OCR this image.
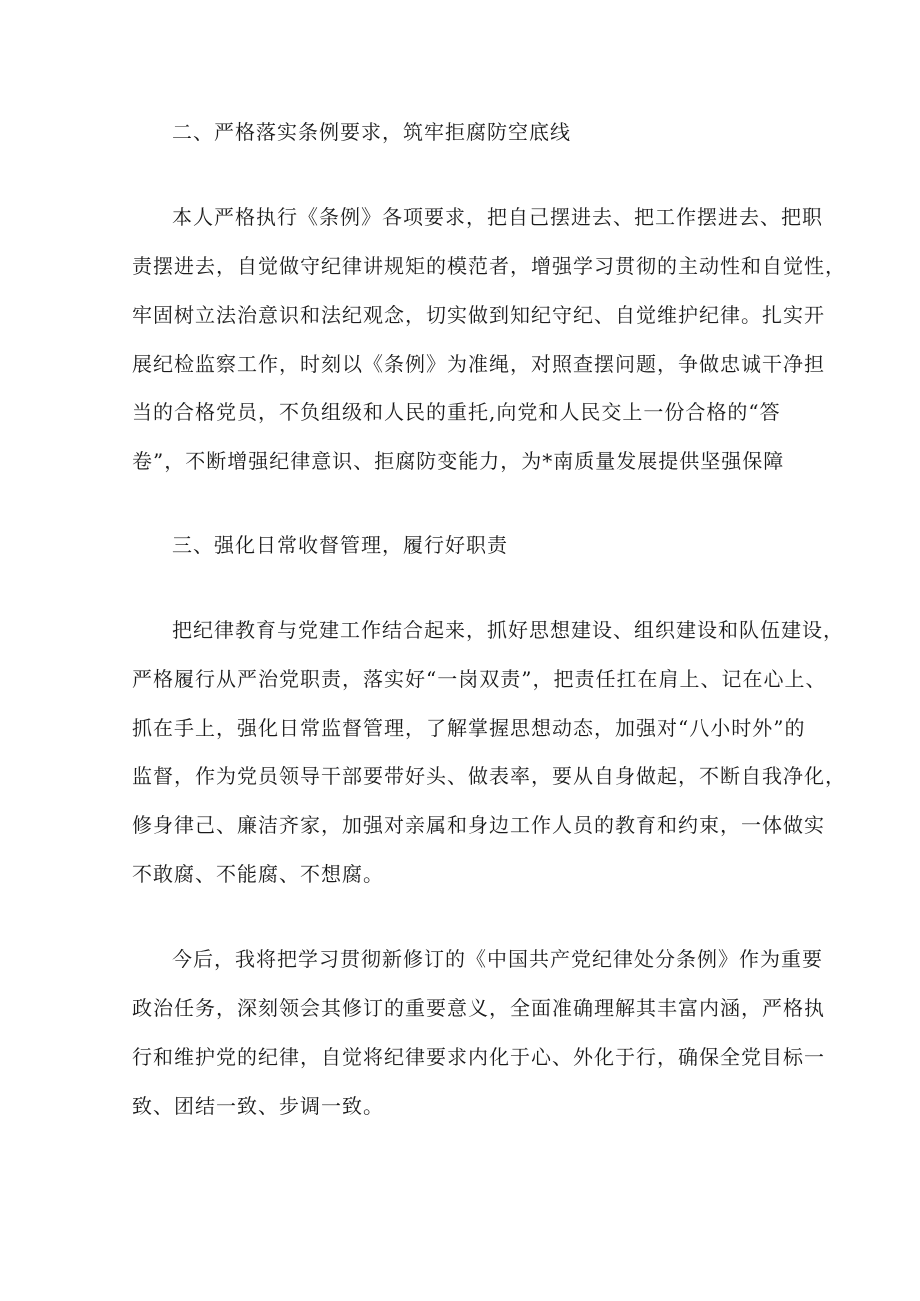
二、严格落实条例要求，筑牢拒腐防空底线
本人严格执行《条例》各项要求，把自己摆进去、把工作摆进去、把职
责摆进去，自觉做守纪律讲规矩的模范者，增强学习贯彻的主动性和自觉性，
牢固树立法治意识和法纪观念，切实做到知纪守纪、自觉维护纪律。扎实开
展纪检监察工作，时刻以《条例》为准绳，对照查摆问题，争做忠诚干净担
当的合格党员，不负组级和人民的重托,向党和人民交上一份合格的“答
卷”，不断增强纪律意识、拒腐防变能力，为*南质量发展提供坚强保障
三、强化日常收督管理，履行好职责
把纪律教育与党建工作结合起来，抓好思想建设、组织建设和队伍建设，
严格履行从严治党职责，落实好“一岗双责”，把责任扛在肩上、记在心上、
抓在手上，强化日常监督管理，了解掌握思想动态，加强对“八小时外”的
监督，作为党员领导干部要带好头、做表率，要从自身做起，不断自我净化，
修身律己、廉洁齐家，加强对亲属和身边工作人员的教育和约束，一体做实
不敢腐、不能腐、不想腐。
今后，我将把学习贯彻新修订的《中国共产党纪律处分条例》作为重要
政治任务，深刻领会其修订的重要意义，全面准确理解其丰富内涵，严格执
行和维护党的纪律，自觉将纪律要求内化于心、外化于行，确保全党目标一
致、团结一致、步调一致。
